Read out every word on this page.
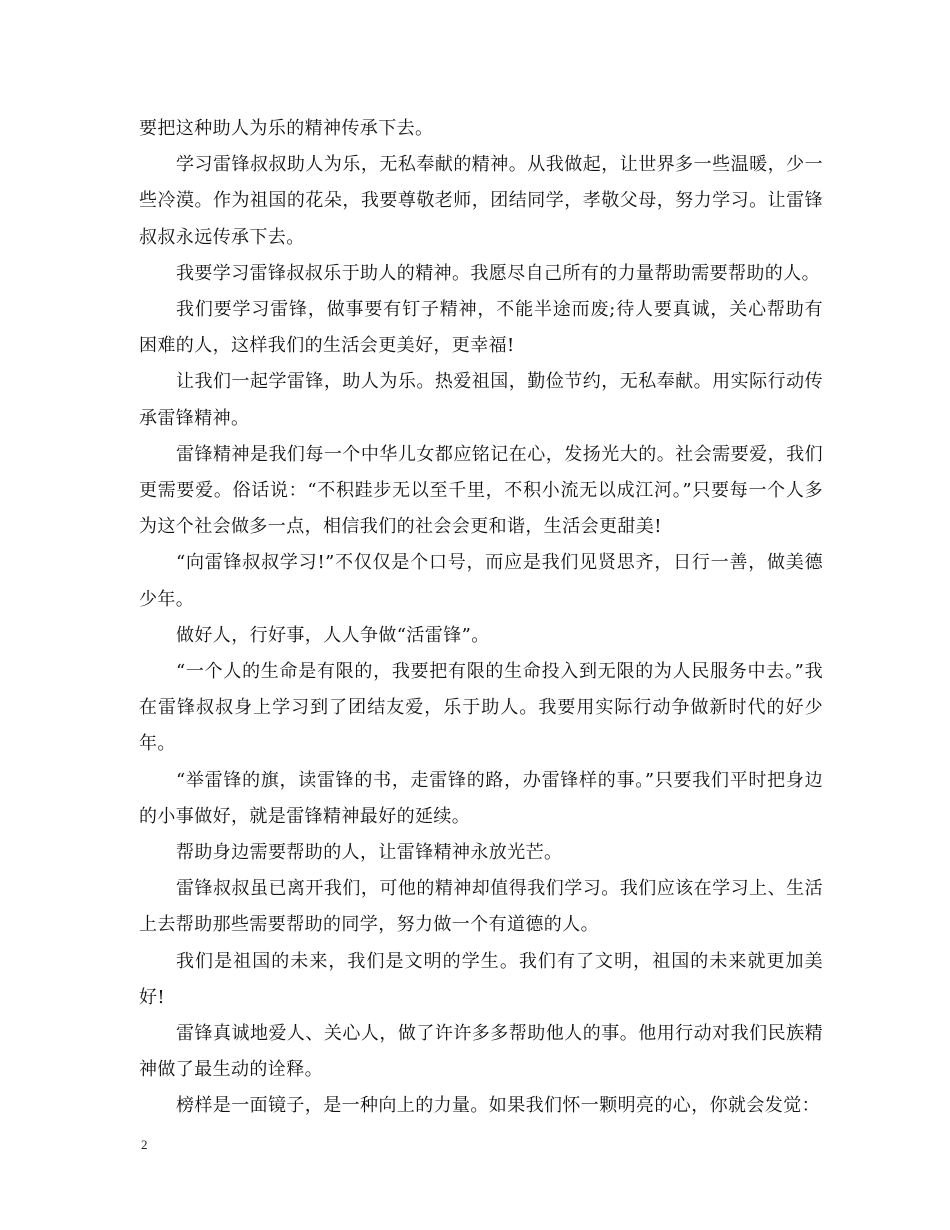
要把这种助人为乐的精神传承下去。

学习雷锋叔叔助人为乐，无私奉献的精神。从我做起，让世界多一些温暖，少一些冷漠。作为祖国的花朵，我要尊敬老师，团结同学，孝敬父母，努力学习。让雷锋叔叔永远传承下去。

我要学习雷锋叔叔乐于助人的精神。我愿尽自己所有的力量帮助需要帮助的人。

我们要学习雷锋，做事要有钉子精神，不能半途而废;待人要真诚，关心帮助有困难的人，这样我们的生活会更美好，更幸福!

让我们一起学雷锋，助人为乐。热爱祖国，勤俭节约，无私奉献。用实际行动传承雷锋精神。

雷锋精神是我们每一个中华儿女都应铭记在心，发扬光大的。社会需要爱，我们更需要爱。俗话说：“不积跬步无以至千里，不积小流无以成江河。”只要每一个人多为这个社会做多一点，相信我们的社会会更和谐，生活会更甜美!

“向雷锋叔叔学习!”不仅仅是个口号，而应是我们见贤思齐，日行一善，做美德少年。

做好人，行好事，人人争做“活雷锋”。

“一个人的生命是有限的，我要把有限的生命投入到无限的为人民服务中去。”我在雷锋叔叔身上学习到了团结友爱，乐于助人。我要用实际行动争做新时代的好少年。

“举雷锋的旗，读雷锋的书，走雷锋的路，办雷锋样的事。”只要我们平时把身边的小事做好，就是雷锋精神最好的延续。

帮助身边需要帮助的人，让雷锋精神永放光芒。

雷锋叔叔虽已离开我们，可他的精神却值得我们学习。我们应该在学习上、生活上去帮助那些需要帮助的同学，努力做一个有道德的人。

我们是祖国的未来，我们是文明的学生。我们有了文明，祖国的未来就更加美好!

雷锋真诚地爱人、关心人，做了许许多多帮助他人的事。他用行动对我们民族精神做了最生动的诠释。

榜样是一面镜子，是一种向上的力量。如果我们怀一颗明亮的心，你就会发觉：

2
